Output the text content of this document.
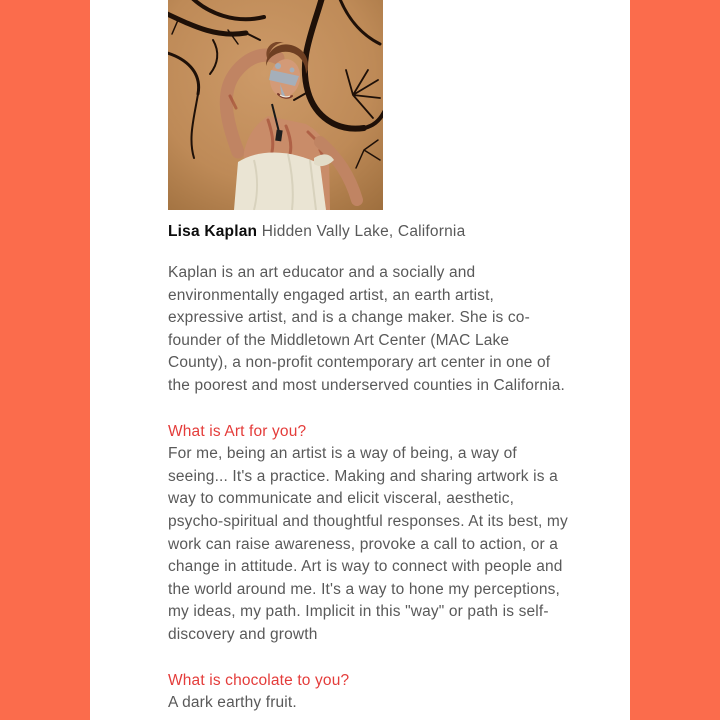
Lisa Kaplan Hidden Vally Lake, California

Kaplan is an art educator and a socially and environmentally engaged artist, an earth artist, expressive artist, and is a change maker. She is co-founder of the Middletown Art Center (MAC Lake County), a non-profit contemporary art center in one of the poorest and most underserved counties in California.

What is Art for you?

For me, being an artist is a way of being, a way of seeing... It's a practice. Making and sharing artwork is a way to communicate and elicit visceral, aesthetic, psycho-spiritual and thoughtful responses. At its best, my work can raise awareness, provoke a call to action, or a change in attitude. Art is way to connect with people and the world around me. It's a way to hone my perceptions, my ideas, my path. Implicit in this "way" or path is self-discovery and growth

What is chocolate to you?

A dark earthy fruit.
